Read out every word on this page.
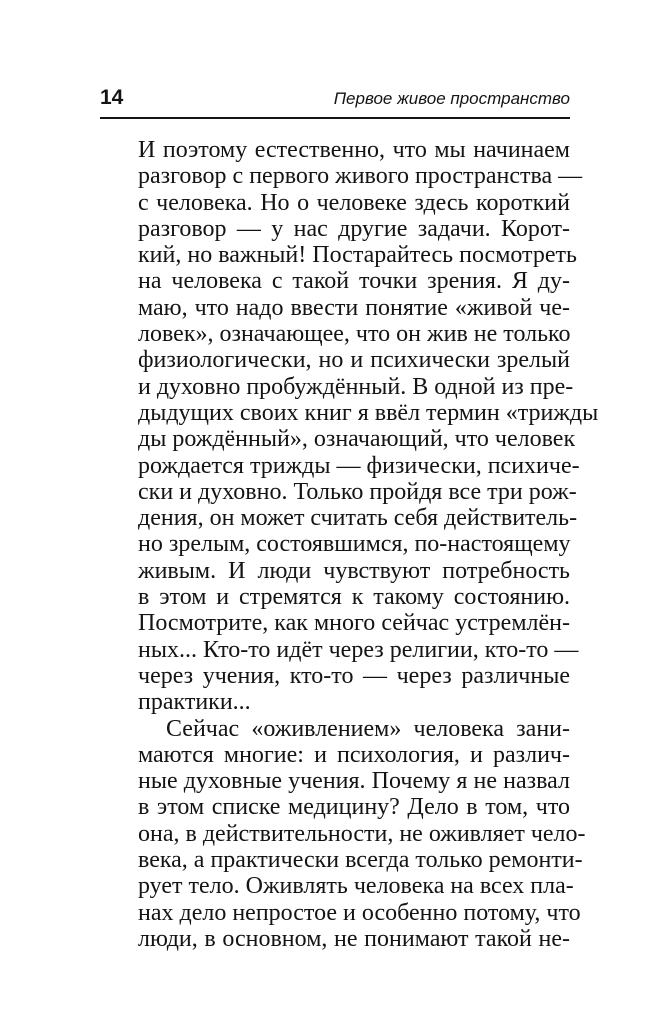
14	Первое живое пространство
И поэтому естественно, что мы начинаем
разговор с первого живого пространства —
с человека. Но о человеке здесь короткий
разговор — у нас другие задачи. Корот-
кий, но важный! Постарайтесь посмотреть
на человека с такой точки зрения. Я ду-
маю, что надо ввести понятие «живой че-
ловек», означающее, что он жив не только
физиологически, но и психически зрелый
и духовно пробуждённый. В одной из пре-
дыдущих своих книг я ввёл термин «трижды
ды рождённый», означающий, что человек
рождается трижды — физически, психиче-
ски и духовно. Только пройдя все три рож-
дения, он может считать себя действитель-
но зрелым, состоявшимся, по-настоящему
живым. И люди чувствуют потребность
в этом и стремятся к такому состоянию.
Посмотрите, как много сейчас устремлён-
ных... Кто-то идёт через религии, кто-то —
через учения, кто-то — через различные
практики...
Сейчас «оживлением» человека зани-
маются многие: и психология, и различ-
ные духовные учения. Почему я не назвал
в этом списке медицину? Дело в том, что
она, в действительности, не оживляет чело-
века, а практически всегда только ремонти-
рует тело. Оживлять человека на всех пла-
нах дело непростое и особенно потому, что
люди, в основном, не понимают такой не-
